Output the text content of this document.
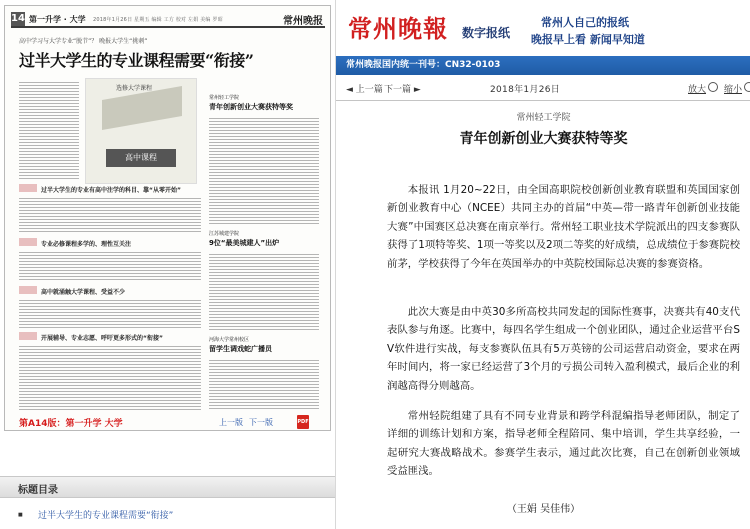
14 第一升学 · 大学 2018年1月26日 星期五 编辑 工方 校对 左娟 美编 罗昭	常州晚报
高中学习与大学专业“脱节”？ 晚报大学生“挑刺”
过半大学生的专业课程需要“衔接”
选修大学课程
高中课程
常州轻工学院
青年创新创业大赛获特等奖
江苏城建学院
9位“最美城建人”出炉
河海大学常州校区
留学生调戏蛇广播员
过半大学生的专业有高中注学的科目、靠“从零开始”
专业必修课程多学的、理性互关注
高中就涌触大学课程、受益不少
开展辅导、专业志愿、呼吁更多形式的“衔接”
第A14版：第一升学 大学	上一版 下一版	PDF
标题目录
■ 过半大学生的专业课程需要“衔接”
常州晚報 数字报纸
常州人自己的报纸
晚报早上看 新闻早知道
常州晚报国内统一刊号：CN32-0103
◄ 上一篇 下一篇 ►	2018年1月26日	放大 缩小
常州轻工学院
青年创新创业大赛获特等奖

本报讯 1月20~22日，由全国高职院校创新创业教育联盟和英国国家创新创业教育中心（NCEE）共同主办的首届“中英—带一路青年创新创业技能大赛”中国赛区总决赛在南京举行。常州轻工职业技术学院派出的四支参赛队获得了1项特等奖、1项一等奖以及2项二等奖的好成绩，总成绩位于参赛院校前茅，学校获得了今年在英国举办的中英院校国际总决赛的参赛资格。

此次大赛是由中英30多所高校共同发起的国际性赛事，决赛共有40支代表队参与角逐。比赛中，每四名学生组成一个创业团队，通过企业运营平台SV软件进行实战，每支参赛队伍具有5万英镑的公司运营启动资金，要求在两年时间内，将一家已经运营了3个月的亏损公司转入盈利模式，最后企业的利润越高得分则越高。

常州轻院组建了具有不同专业背景和跨学科混编指导老师团队，制定了详细的训练计划和方案，指导老师全程陪同、集中培训，学生共享经验，一起研究大赛战略战术。参赛学生表示，通过此次比赛，自己在创新创业领域受益匪浅。

（王娟 吴佳伟）
